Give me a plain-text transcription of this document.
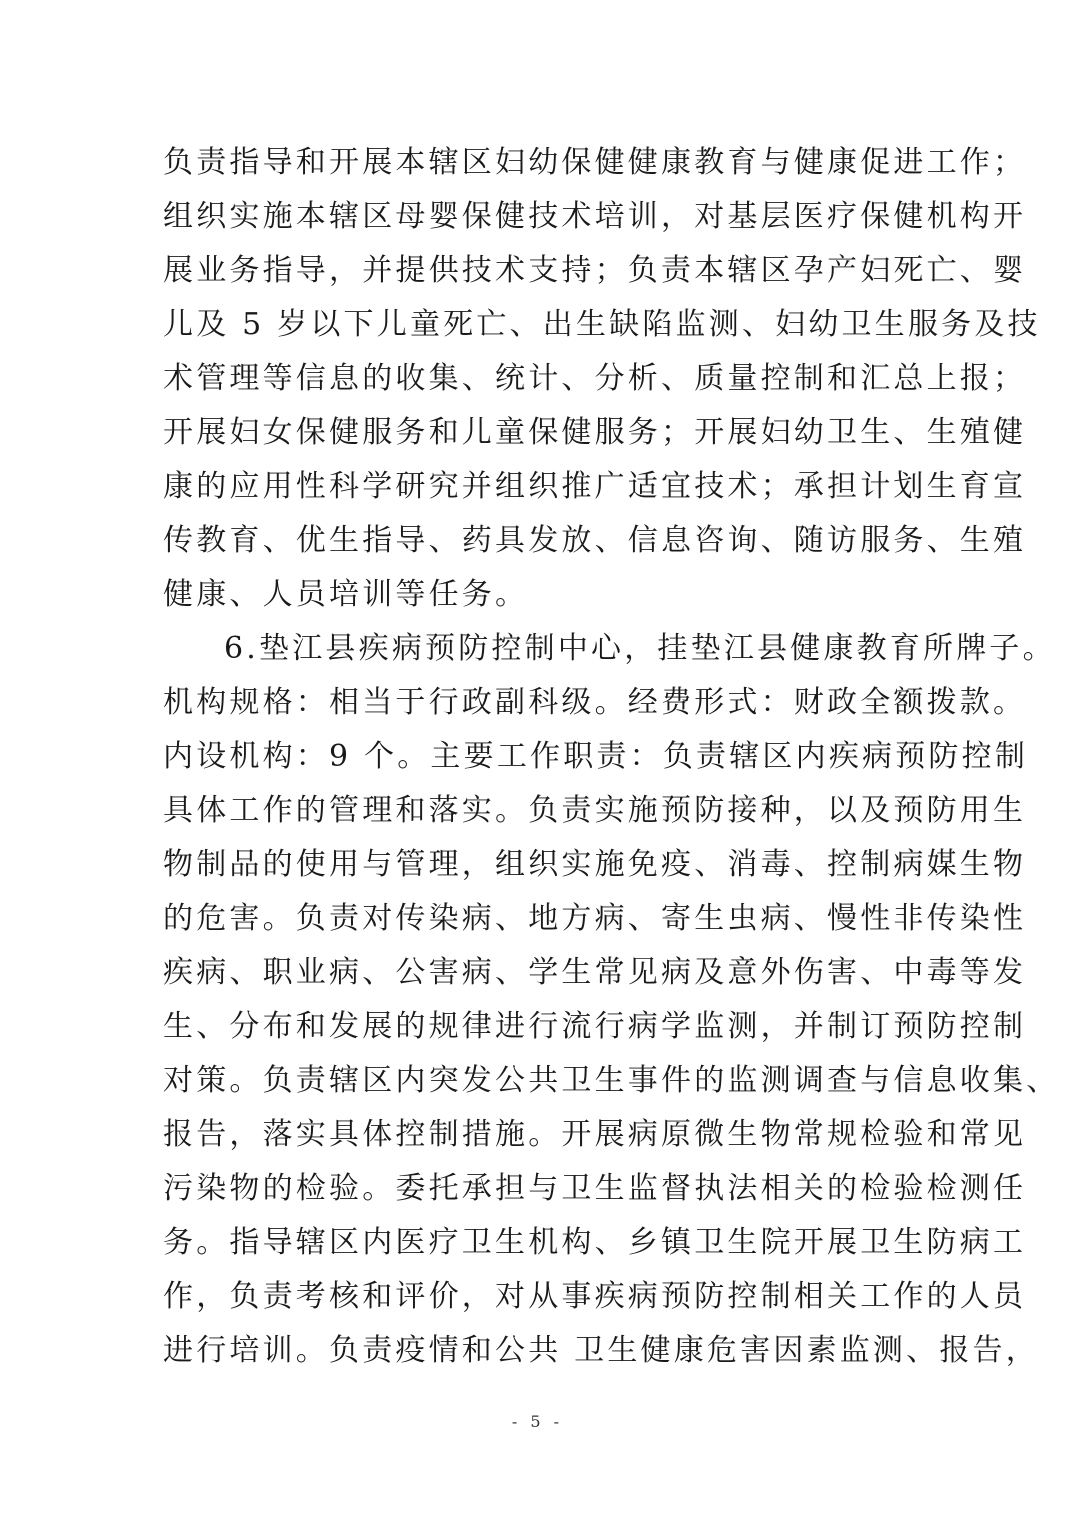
负责指导和开展本辖区妇幼保健健康教育与健康促进工作；
组织实施本辖区母婴保健技术培训，对基层医疗保健机构开
展业务指导，并提供技术支持；负责本辖区孕产妇死亡、婴
儿及 5 岁以下儿童死亡、出生缺陷监测、妇幼卫生服务及技
术管理等信息的收集、统计、分析、质量控制和汇总上报；
开展妇女保健服务和儿童保健服务；开展妇幼卫生、生殖健
康的应用性科学研究并组织推广适宜技术；承担计划生育宣
传教育、优生指导、药具发放、信息咨询、随访服务、生殖
健康、人员培训等任务。
6.垫江县疾病预防控制中心，挂垫江县健康教育所牌子。
机构规格：相当于行政副科级。经费形式：财政全额拨款。
内设机构：9 个。主要工作职责：负责辖区内疾病预防控制
具体工作的管理和落实。负责实施预防接种，以及预防用生
物制品的使用与管理，组织实施免疫、消毒、控制病媒生物
的危害。负责对传染病、地方病、寄生虫病、慢性非传染性
疾病、职业病、公害病、学生常见病及意外伤害、中毒等发
生、分布和发展的规律进行流行病学监测，并制订预防控制
对策。负责辖区内突发公共卫生事件的监测调查与信息收集、
报告，落实具体控制措施。开展病原微生物常规检验和常见
污染物的检验。委托承担与卫生监督执法相关的检验检测任
务。指导辖区内医疗卫生机构、乡镇卫生院开展卫生防病工
作，负责考核和评价，对从事疾病预防控制相关工作的人员
进行培训。负责疫情和公共 卫生健康危害因素监测、报告，
- 5 -
